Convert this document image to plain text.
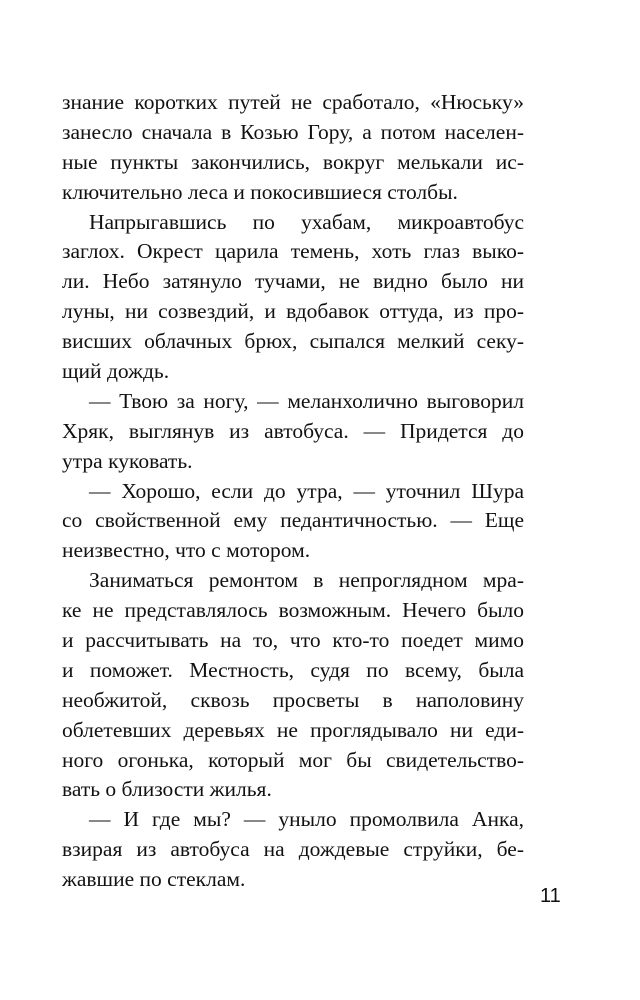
знание коротких путей не сработало, «Нюську»
занесло сначала в Козью Гору, а потом населен-
ные пункты закончились, вокруг мелькали ис-
ключительно леса и покосившиеся столбы.
Напрыгавшись по ухабам, микроавтобус
заглох. Окрест царила темень, хоть глаз выко-
ли. Небо затянуло тучами, не видно было ни
луны, ни созвездий, и вдобавок оттуда, из про-
висших облачных брюх, сыпался мелкий секу-
щий дождь.
— Твою за ногу, — меланхолично выговорил
Хряк, выглянув из автобуса. — Придется до
утра куковать.
— Хорошо, если до утра, — уточнил Шура
со свойственной ему педантичностью. — Еще
неизвестно, что с мотором.
Заниматься ремонтом в непроглядном мра-
ке не представлялось возможным. Нечего было
и рассчитывать на то, что кто-то поедет мимо
и поможет. Местность, судя по всему, была
необжитой, сквозь просветы в наполовину
облетевших деревьях не проглядывало ни еди-
ного огонька, который мог бы свидетельство-
вать о близости жилья.
— И где мы? — уныло промолвила Анка,
взирая из автобуса на дождевые струйки, бе-
жавшие по стеклам.
11
